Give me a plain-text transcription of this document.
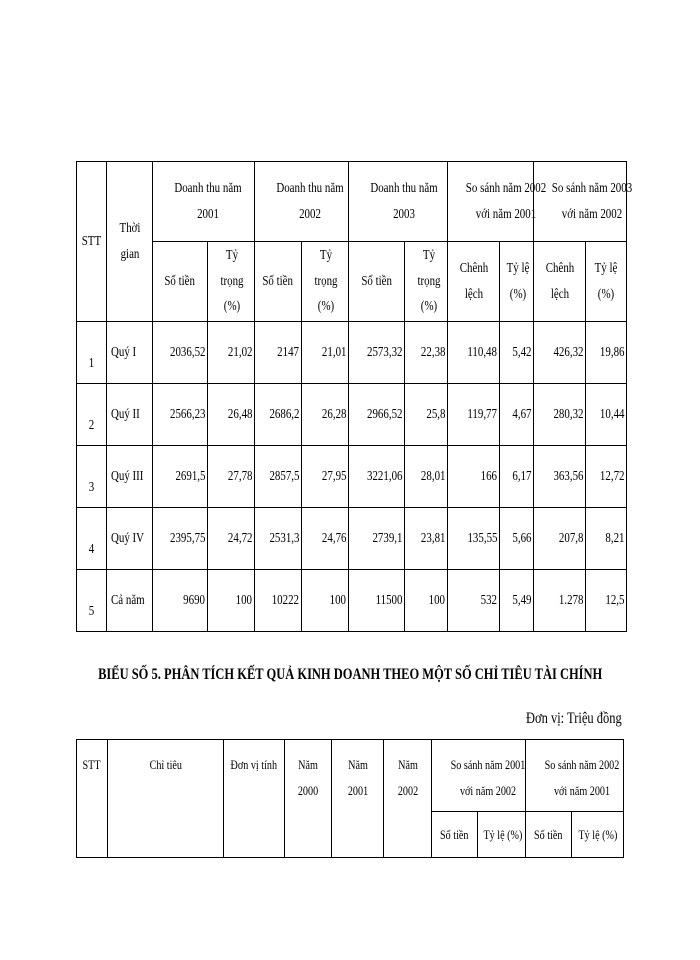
STT	Thời gian	Doanh thu năm 2001		Doanh thu năm 2002		Doanh thu năm 2003		So sánh năm 2002 với năm 2001		So sánh năm 2003 với năm 2002	
		Số tiền	Tỷ trọng (%)	Số tiền	Tỷ trọng (%)	Số tiền	Tỷ trọng (%)	Chênh lệch	Tỷ lệ (%)	Chênh lệch	Tỷ lệ (%)
1	Quý I	2036,52	21,02	2147	21,01	2573,32	22,38	110,48	5,42	426,32	19,86
2	Quý II	2566,23	26,48	2686,2	26,28	2966,52	25,8	119,77	4,67	280,32	10,44
3	Quý III	2691,5	27,78	2857,5	27,95	3221,06	28,01	166	6,17	363,56	12,72
4	Quý IV	2395,75	24,72	2531,3	24,76	2739,1	23,81	135,55	5,66	207,8	8,21
5	Cả năm	9690	100	10222	100	11500	100	532	5,49	1.278	12,5
BIỂU SỐ 5. PHÂN TÍCH KẾT QUẢ KINH DOANH THEO MỘT SỐ CHỈ TIÊU TÀI CHÍNH
Đơn vị: Triệu đồng
STT	Chỉ tiêu	Đơn vị tính	Năm 2000	Năm 2001	Năm 2002	So sánh năm 2001 với năm 2002		So sánh năm 2002 với năm 2001	
						Số tiền	Tỷ lệ (%)	Số tiền	Tỷ lệ (%)
